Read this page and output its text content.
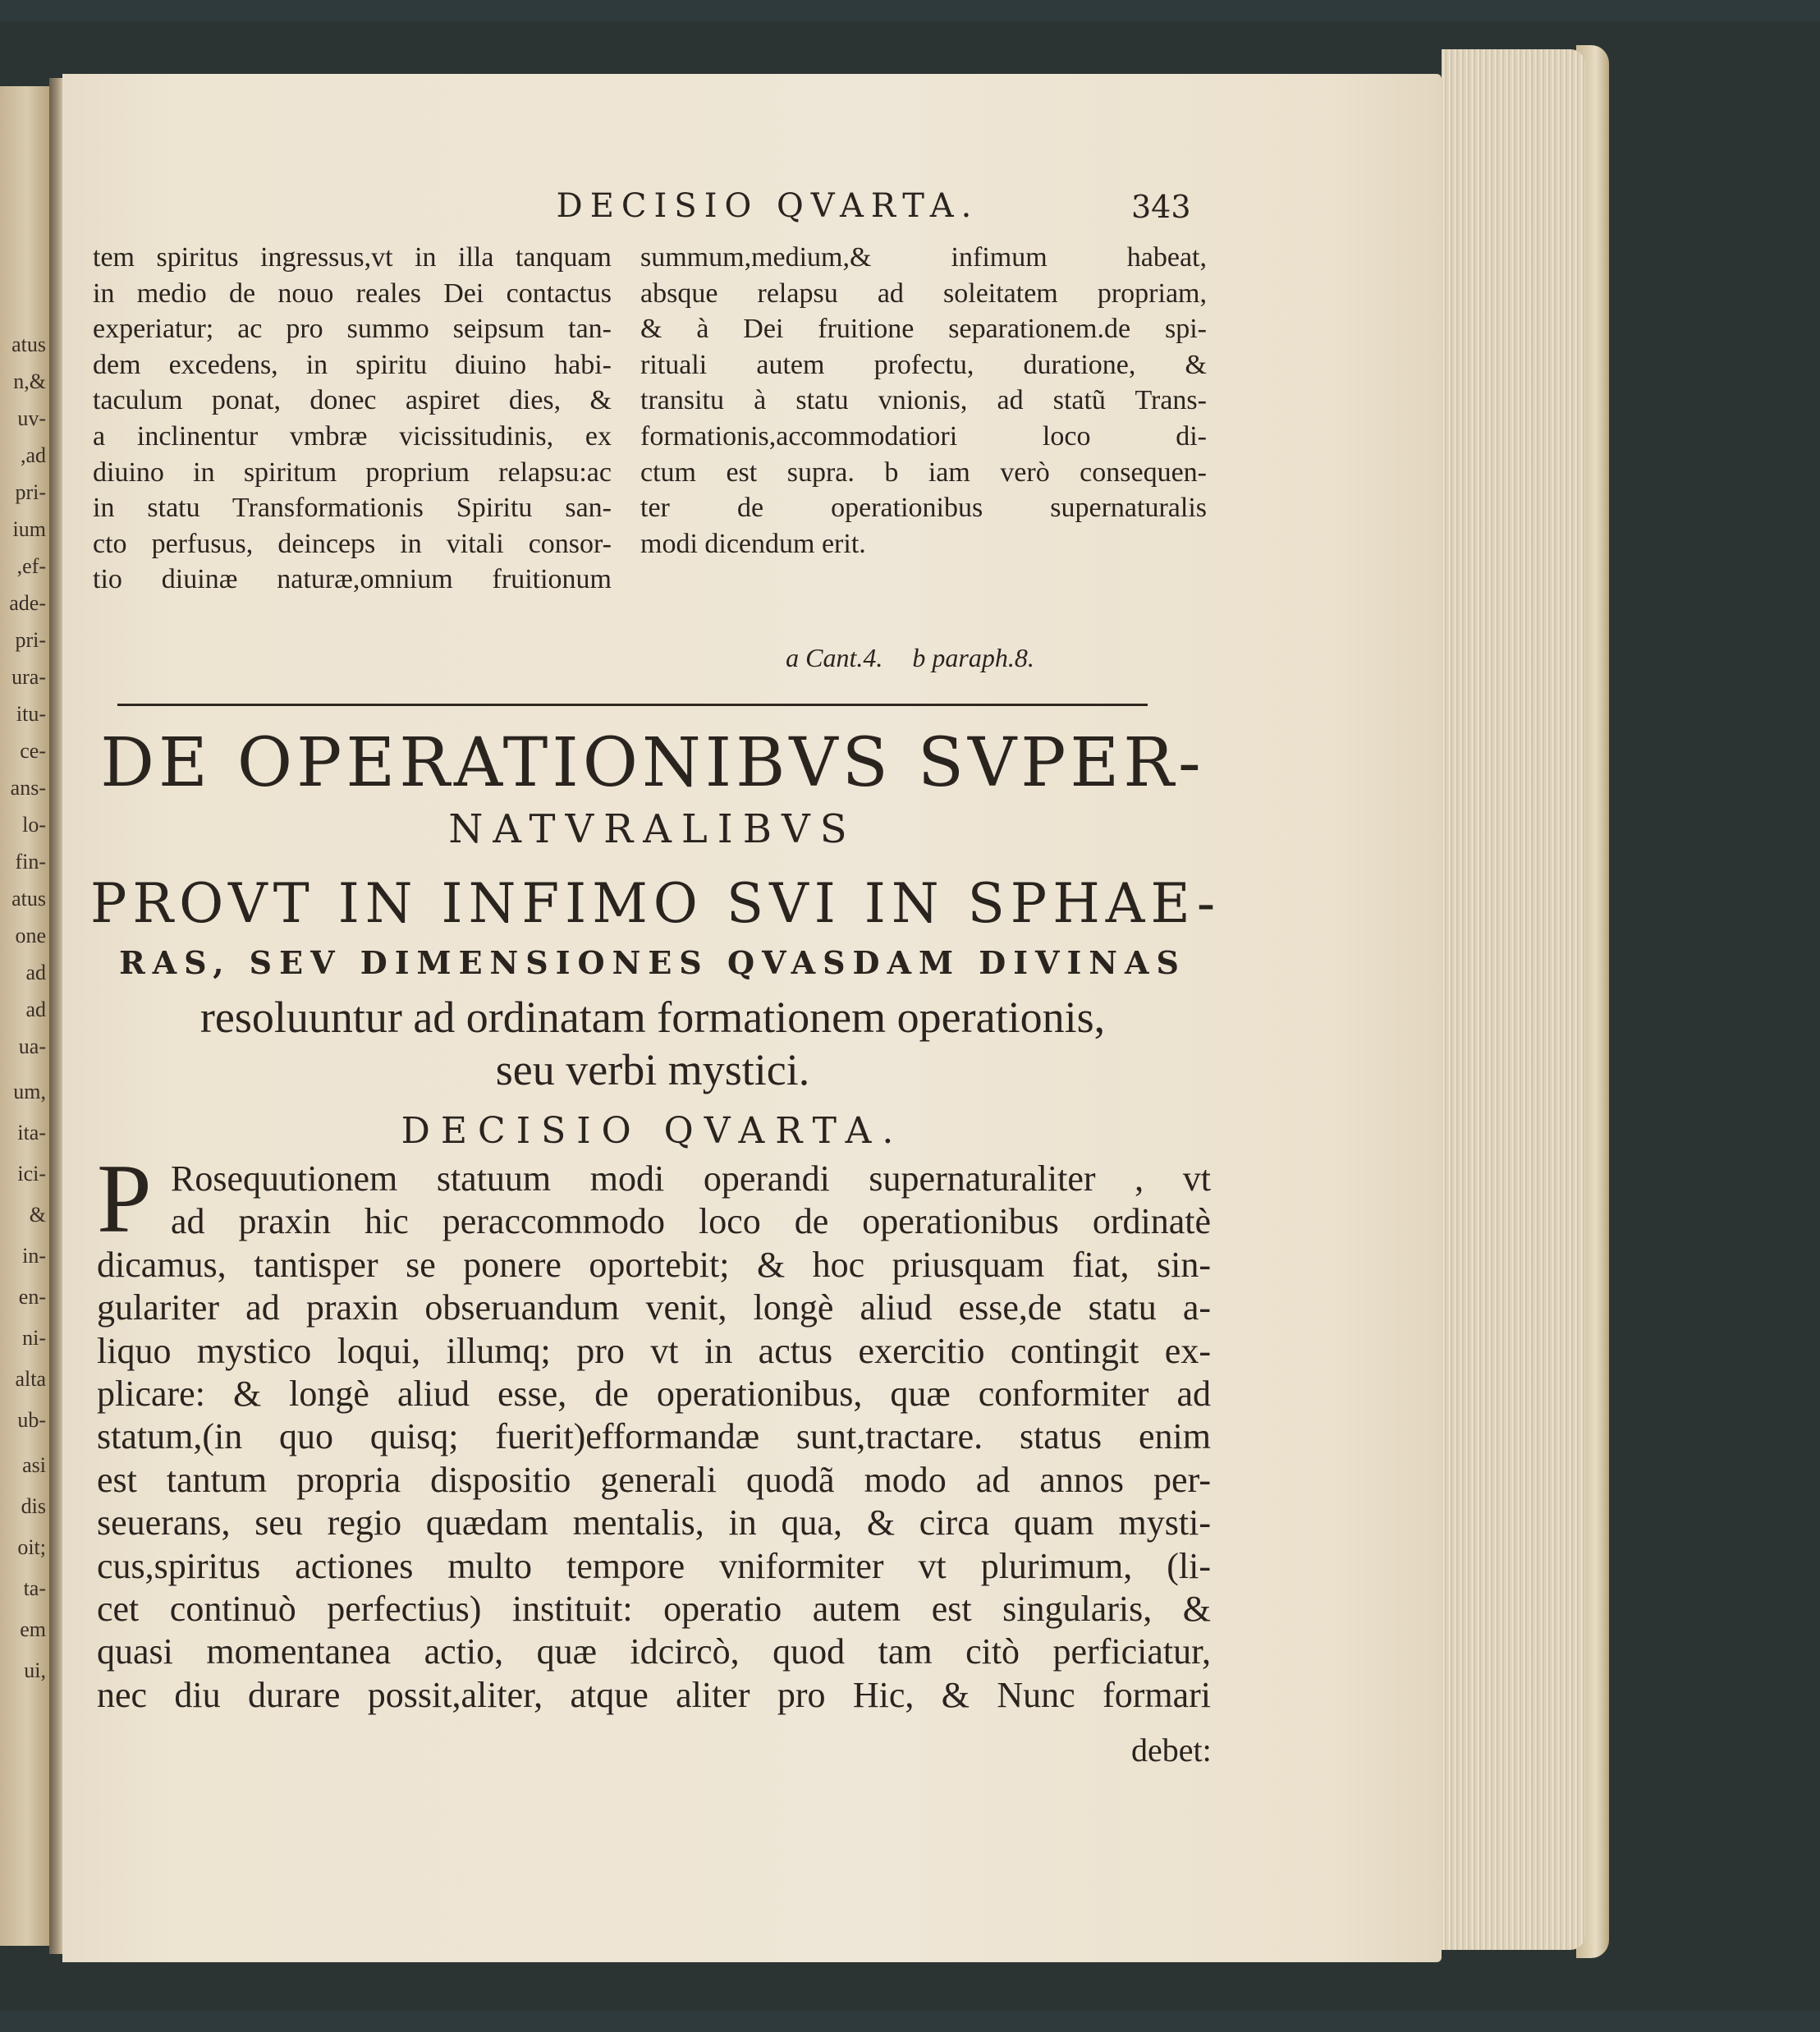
atus
n,&
uv-
,ad
pri-
ium
,ef-
ade-
pri-
ura-
itu-
ce-
ans-
lo-
fin-
atus
one
ad
ad
ua-
um,
ita-
ici-
&
in-
en-
ni-
alta
ub-
asi
dis
oit;
ta-
em
ui,
DECISIO QVARTA.	343
tem spiritus ingressus,vt in illa tanquam
in medio de nouo reales Dei contactus
experiatur; ac pro summo seipsum tan-
dem excedens, in spiritu diuino habi-
taculum ponat, donec aspiret dies, &
a inclinentur vmbræ vicissitudinis, ex
diuino in spiritum proprium relapsu:ac
in statu Transformationis Spiritu san-
cto perfusus, deinceps in vitali consor-
tio diuinæ naturæ,omnium fruitionum
summum,medium,& infimum habeat,
absque relapsu ad soleitatem propriam,
& à Dei fruitione separationem.de spi-
rituali autem profectu, duratione, &
transitu à statu vnionis, ad statũ Trans-
formationis,accommodatiori loco di-
ctum est supra. b iam verò consequen-
ter de operationibus supernaturalis
modi dicendum erit.
a Cant.4. b paraph.8.
DE OPERATIONIBVS SVPER-
NATVRALIBVS
PROVT IN INFIMO SVI IN SPHAE-
RAS, SEV DIMENSIONES QVASDAM DIVINAS
resoluuntur ad ordinatam formationem operationis,
seu verbi mystici.
DECISIO QVARTA.
P Rosequutionem statuum modi operandi supernaturaliter , vt
ad praxin hic peraccommodo loco de operationibus ordinatè
dicamus, tantisper se ponere oportebit; & hoc priusquam fiat, sin-
gulariter ad praxin obseruandum venit, longè aliud esse,de statu a-
liquo mystico loqui, illumq; pro vt in actus exercitio contingit ex-
plicare: & longè aliud esse, de operationibus, quæ conformiter ad
statum,(in quo quisq; fuerit)efformandæ sunt,tractare. status enim
est tantum propria dispositio generali quodã modo ad annos per-
seuerans, seu regio quædam mentalis, in qua, & circa quam mysti-
cus,spiritus actiones multo tempore vniformiter vt plurimum, (li-
cet continuò perfectius) instituit: operatio autem est singularis, &
quasi momentanea actio, quæ idcircò, quod tam citò perficiatur,
nec diu durare possit,aliter, atque aliter pro Hic, & Nunc formari
debet:
